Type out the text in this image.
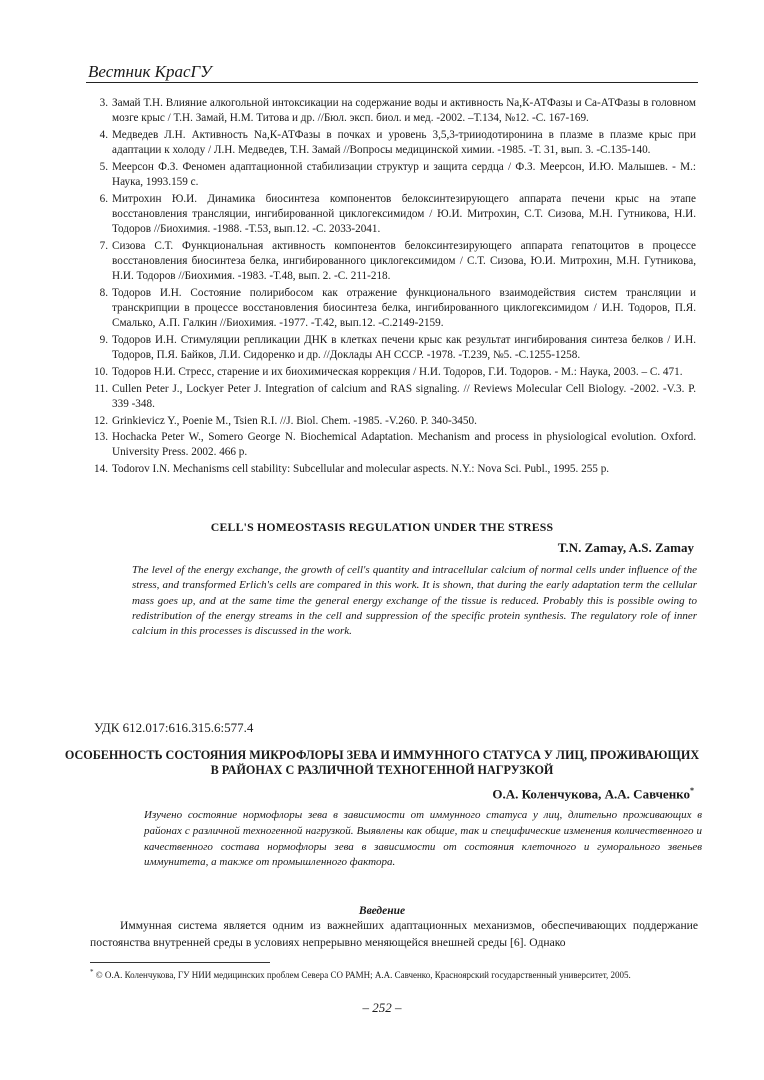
Вестник КрасГУ
3. Замай Т.Н. Влияние алкогольной интоксикации на содержание воды и активность Na,К-АТФазы и Са-АТФазы в головном мозге крыс / Т.Н. Замай, Н.М. Титова и др. //Бюл. эксп. биол. и мед. -2002. –Т.134, №12. -С. 167-169.
4. Медведев Л.Н. Активность Na,К-АТФазы в почках и уровень 3,5,3-трииодотиронина в плазме в плазме крыс при адаптации к холоду / Л.Н. Медведев, Т.Н. Замай //Вопросы медицинской химии. -1985. -Т. 31, вып. 3. -С.135-140.
5. Меерсон Ф.З. Феномен адаптационной стабилизации структур и защита сердца / Ф.З. Меерсон, И.Ю. Малышев. - М.: Наука, 1993.159 с.
6. Митрохин Ю.И. Динамика биосинтеза компонентов белоксинтезирующего аппарата печени крыс на этапе восстановления трансляции, ингибированной циклогексимидом / Ю.И. Митрохин, С.Т. Сизова, М.Н. Гутникова, Н.И. Тодоров //Биохимия. -1988. -Т.53, вып.12. -С. 2033-2041.
7. Сизова С.Т. Функциональная активность компонентов белоксинтезирующего аппарата гепатоцитов в процессе восстановления биосинтеза белка, ингибированного циклогексимидом / С.Т. Сизова, Ю.И. Митрохин, М.Н. Гутникова, Н.И. Тодоров //Биохимия. -1983. -Т.48, вып. 2. -С. 211-218.
8. Тодоров И.Н. Состояние полирибосом как отражение функционального взаимодействия систем трансляции и транскрипции в процессе восстановления биосинтеза белка, ингибированного циклогексимидом / И.Н. Тодоров, П.Я. Смалько, А.П. Галкин //Биохимия. -1977. -Т.42, вып.12. -С.2149-2159.
9. Тодоров И.Н. Стимуляции репликации ДНК в клетках печени крыс как результат ингибирования синтеза белков / И.Н. Тодоров, П.Я. Байков, Л.И. Сидоренко и др. //Доклады АН СССР. -1978. -Т.239, №5. -С.1255-1258.
10. Тодоров Н.И. Стресс, старение и их биохимическая коррекция / Н.И. Тодоров, Г.И. Тодоров. - М.: Наука, 2003. – С. 471.
11. Cullen Peter J., Lockyer Peter J. Integration of calcium and RAS signaling. // Reviews Molecular Cell Biology. -2002. -V.3. P. 339 -348.
12. Grinkievicz Y., Poenie M., Tsien R.I. //J. Biol. Chem. -1985. -V.260. P. 340-3450.
13. Hochacka Peter W., Somero George N. Biochemical Adaptation. Mechanism and process in physiological evolution. Oxford. University Press. 2002. 466 p.
14. Todorov I.N. Mechanisms cell stability: Subcellular and molecular aspects. N.Y.: Nova Sci. Publ., 1995. 255 p.
CELL'S HOMEOSTASIS REGULATION UNDER THE STRESS
T.N. Zamay, A.S. Zamay
The level of the energy exchange, the growth of cell's quantity and intracellular calcium of normal cells under influence of the stress, and transformed Erlich's cells are compared in this work. It is shown, that during the early adaptation term the cellular mass goes up, and at the same time the general energy exchange of the tissue is reduced. Probably this is possible owing to redistribution of the energy streams in the cell and suppression of the specific protein synthesis. The regulatory role of inner calcium in this processes is discussed in the work.
УДК 612.017:616.315.6:577.4
ОСОБЕННОСТЬ СОСТОЯНИЯ МИКРОФЛОРЫ ЗЕВА И ИММУННОГО СТАТУСА У ЛИЦ, ПРОЖИВАЮЩИХ В РАЙОНАХ С РАЗЛИЧНОЙ ТЕХНОГЕННОЙ НАГРУЗКОЙ
О.А. Коленчукова, А.А. Савченко*
Изучено состояние нормофлоры зева в зависимости от иммунного статуса у лиц, длительно проживающих в районах с различной техногенной нагрузкой. Выявлены как общие, так и специфические изменения количественного и качественного состава нормофлоры зева в зависимости от состояния клеточного и гуморального звеньев иммунитета, а также от промышленного фактора.
Введение
Иммунная система является одним из важнейших адаптационных механизмов, обеспечивающих поддержание постоянства внутренней среды в условиях непрерывно меняющейся внешней среды [6]. Однако
* © О.А. Коленчукова, ГУ НИИ медицинских проблем Севера СО РАМН; А.А. Савченко, Красноярский государственный университет, 2005.
– 252 –
